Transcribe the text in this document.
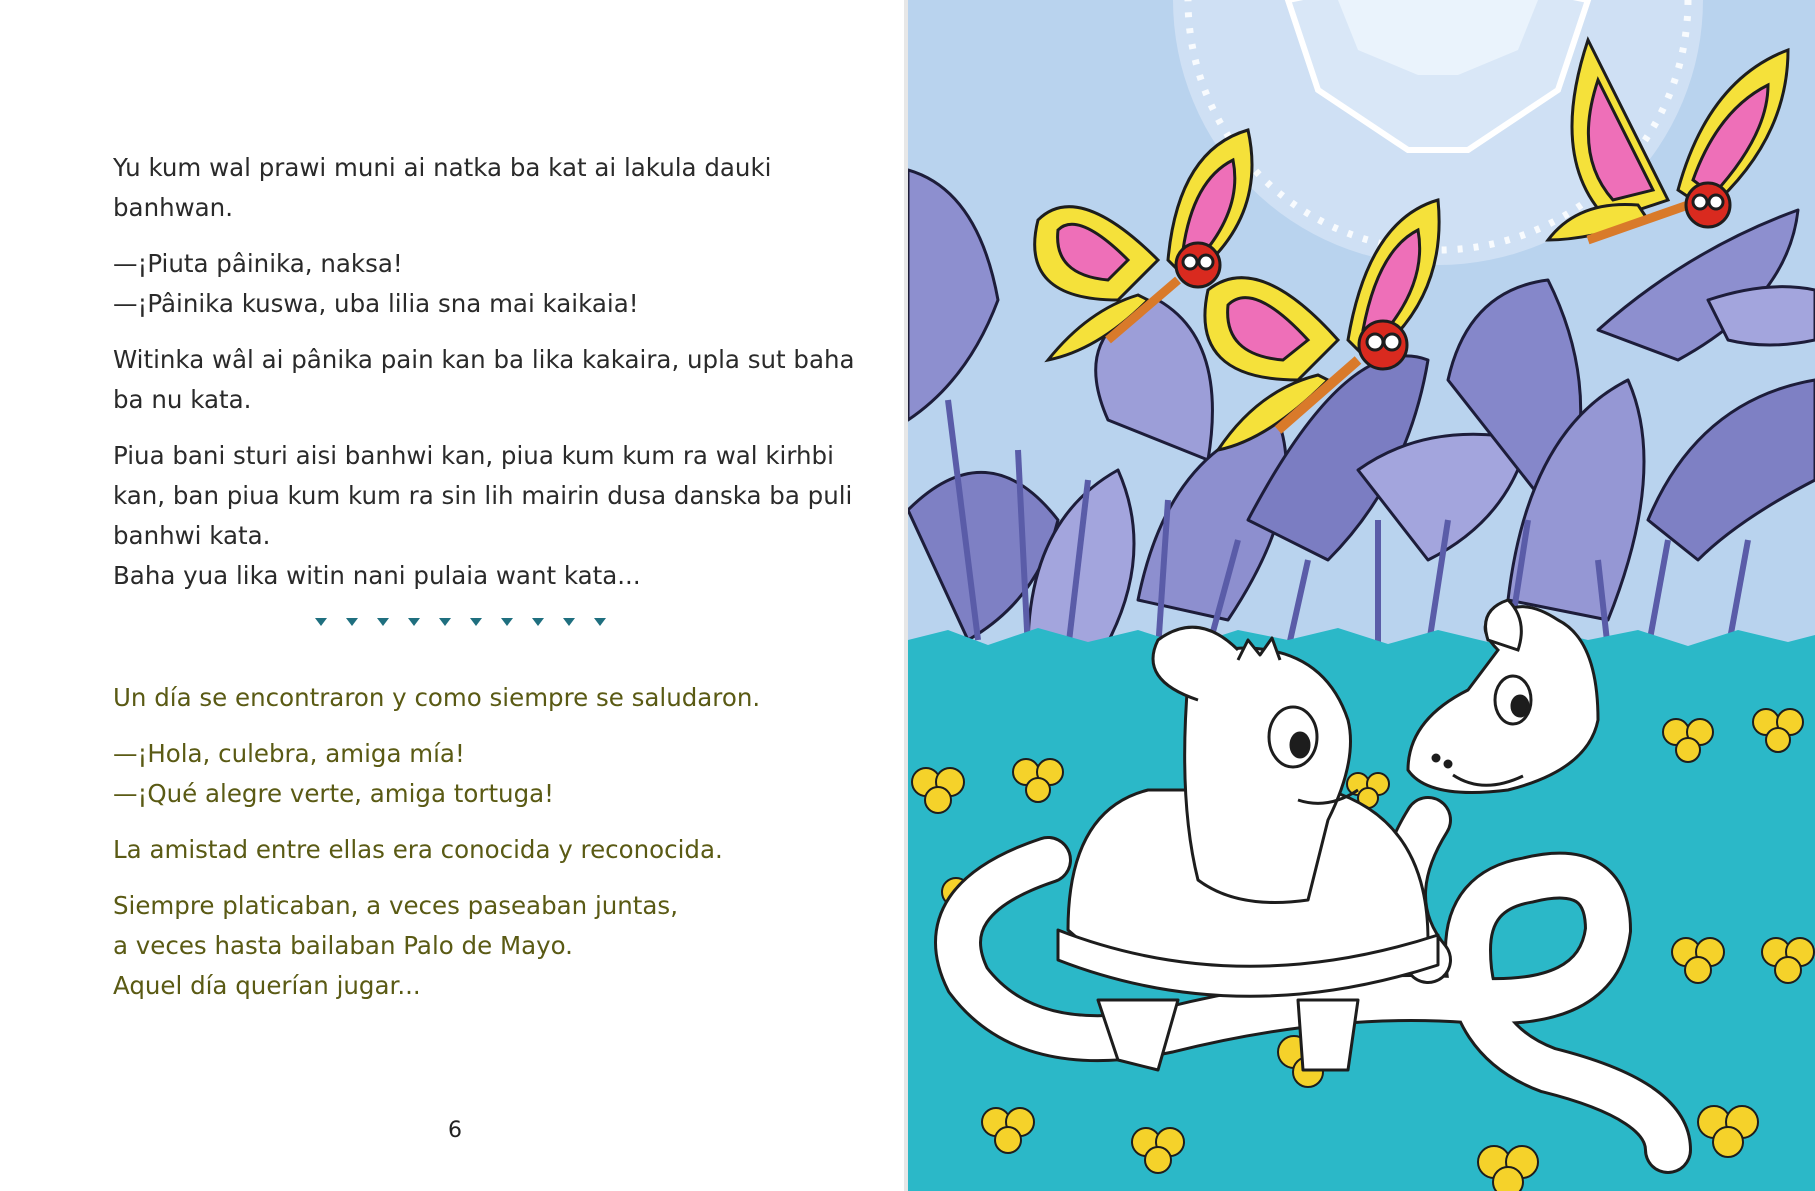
Yu kum wal prawi muni ai natka ba kat ai lakula dauki banhwan.

—¡Piuta pâinika, naksa!

—¡Pâinika kuswa, uba lilia sna mai kaikaia!

Witinka wâl ai pânika pain kan ba lika kakaira, upla sut baha

ba nu kata.

Piua bani sturi aisi banhwi kan, piua kum kum ra wal kirhbi

kan, ban piua kum kum ra sin lih mairin dusa danska ba puli

banhwi kata.

Baha yua lika witin nani pulaia want kata...

Un día se encontraron y como siempre se saludaron.

—¡Hola, culebra, amiga mía!

—¡Qué alegre verte, amiga tortuga!

La amistad entre ellas era conocida y reconocida.

Siempre platicaban, a veces paseaban juntas,

a veces hasta bailaban Palo de Mayo.

Aquel día querían jugar...

6
